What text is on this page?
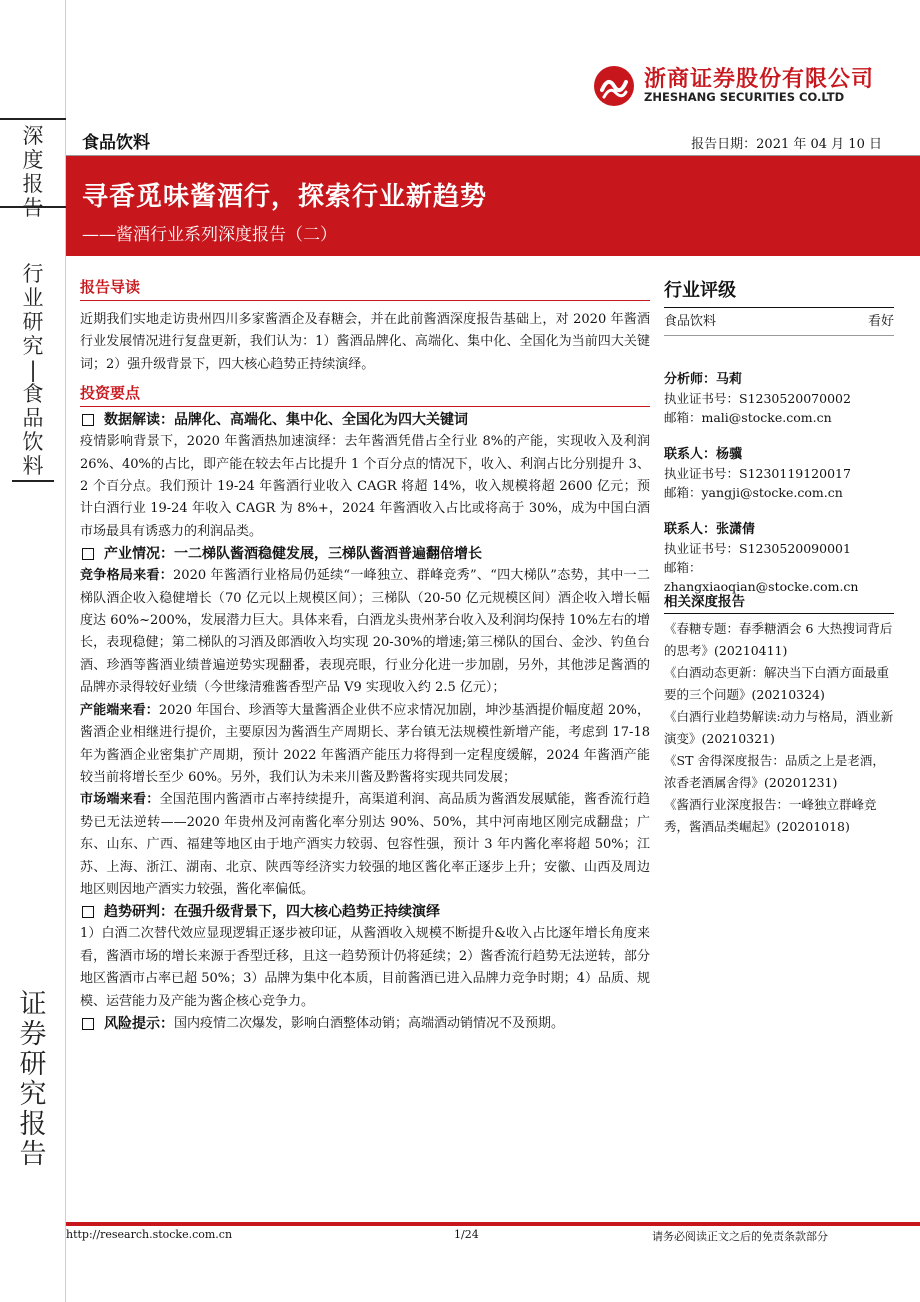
深
度
报
告
行
业
研
究
|
食
品
饮
料
证
券
研
究
报
告
浙商证券股份有限公司
ZHESHANG SECURITIES CO.LTD
食品饮料	报告日期：2021 年 04 月 10 日
寻香觅味酱酒行，探索行业新趋势
——酱酒行业系列深度报告（二）
报告导读

近期我们实地走访贵州四川多家酱酒企及春糖会，并在此前酱酒深度报告基础上，对 2020 年酱酒行业发展情况进行复盘更新，我们认为：1）酱酒品牌化、高端化、集中化、全国化为当前四大关键词；2）强升级背景下，四大核心趋势正持续演绎。

投资要点
数据解读：品牌化、高端化、集中化、全国化为四大关键词

疫情影响背景下，2020 年酱酒热加速演绎：去年酱酒凭借占全行业 8%的产能，实现收入及利润 26%、40%的占比，即产能在较去年占比提升 1 个百分点的情况下，收入、利润占比分别提升 3、2 个百分点。我们预计 19-24 年酱酒行业收入 CAGR 将超 14%，收入规模将超 2600 亿元；预计白酒行业 19-24 年收入 CAGR 为 8%+，2024 年酱酒收入占比或将高于 30%，成为中国白酒市场最具有诱惑力的利润品类。

产业情况：一二梯队酱酒稳健发展，三梯队酱酒普遍翻倍增长

竞争格局来看：2020 年酱酒行业格局仍延续“一峰独立、群峰竞秀”、“四大梯队”态势，其中一二梯队酒企收入稳健增长（70 亿元以上规模区间）；三梯队（20-50 亿元规模区间）酒企收入增长幅度达 60%~200%，发展潜力巨大。具体来看，白酒龙头贵州茅台收入及利润均保持 10%左右的增长，表现稳健；第二梯队的习酒及郎酒收入均实现 20-30%的增速;第三梯队的国台、金沙、钓鱼台酒、珍酒等酱酒业绩普遍逆势实现翻番，表现亮眼，行业分化进一步加剧，另外，其他涉足酱酒的品牌亦录得较好业绩（今世缘清雅酱香型产品 V9 实现收入约 2.5 亿元）；

产能端来看：2020 年国台、珍酒等大量酱酒企业供不应求情况加剧，坤沙基酒提价幅度超 20%，酱酒企业相继进行提价，主要原因为酱酒生产周期长、茅台镇无法规模性新增产能，考虑到 17-18 年为酱酒企业密集扩产周期，预计 2022 年酱酒产能压力将得到一定程度缓解，2024 年酱酒产能较当前将增长至少 60%。另外，我们认为未来川酱及黔酱将实现共同发展；

市场端来看：全国范围内酱酒市占率持续提升，高渠道利润、高品质为酱酒发展赋能，酱香流行趋势已无法逆转——2020 年贵州及河南酱化率分别达 90%、50%，其中河南地区刚完成翻盘；广东、山东、广西、福建等地区由于地产酒实力较弱、包容性强，预计 3 年内酱化率将超 50%；江苏、上海、浙江、湖南、北京、陕西等经济实力较强的地区酱化率正逐步上升；安徽、山西及周边地区则因地产酒实力较强，酱化率偏低。

趋势研判：在强升级背景下，四大核心趋势正持续演绎

1）白酒二次替代效应显现逻辑正逐步被印证，从酱酒收入规模不断提升&收入占比逐年增长角度来看，酱酒市场的增长来源于香型迁移，且这一趋势预计仍将延续；2）酱香流行趋势无法逆转，部分地区酱酒市占率已超 50%；3）品牌为集中化本质，目前酱酒已进入品牌力竞争时期；4）品质、规模、运营能力及产能为酱企核心竞争力。

风险提示： 国内疫情二次爆发，影响白酒整体动销；高端酒动销情况不及预期。
行业评级
食品饮料	看好
分析师：马莉
执业证书号：S1230520070002
邮箱：mali@stocke.com.cn
联系人：杨骥
执业证书号：S1230119120017
邮箱：yangji@stocke.com.cn
联系人：张潇倩
执业证书号：S1230520090001
邮箱：zhangxiaoqian@stocke.com.cn
相关深度报告
《春糖专题：春季糖酒会 6 大热搜词背后的思考》(20210411)
《白酒动态更新：解决当下白酒方面最重要的三个问题》(20210324)
《白酒行业趋势解读:动力与格局，酒业新演变》(20210321)
《ST 舍得深度报告：品质之上是老酒，浓香老酒属舍得》(20201231)
《酱酒行业深度报告：一峰独立群峰竞秀，酱酒品类崛起》(20201018)
http://research.stocke.com.cn	1/24	请务必阅读正文之后的免责条款部分
